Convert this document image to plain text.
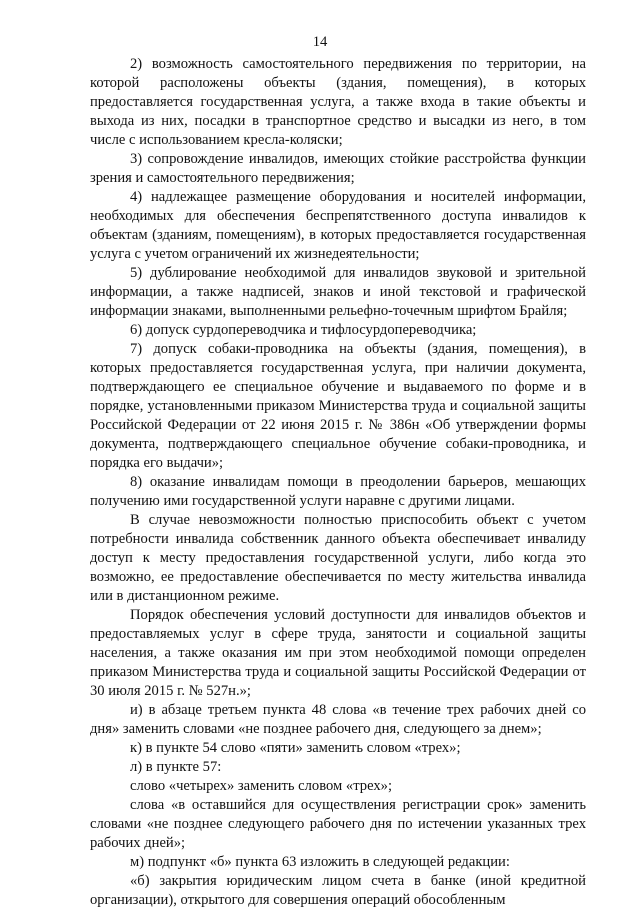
14

2) возможность самостоятельного передвижения по территории, на которой расположены объекты (здания, помещения), в которых предоставляется государственная услуга, а также входа в такие объекты и выхода из них, посадки в транспортное средство и высадки из него, в том числе с использованием кресла-коляски;

3) сопровождение инвалидов, имеющих стойкие расстройства функции зрения и самостоятельного передвижения;

4) надлежащее размещение оборудования и носителей информации, необходимых для обеспечения беспрепятственного доступа инвалидов к объектам (зданиям, помещениям), в которых предоставляется государственная услуга с учетом ограничений их жизнедеятельности;

5) дублирование необходимой для инвалидов звуковой и зрительной информации, а также надписей, знаков и иной текстовой и графической информации знаками, выполненными рельефно-точечным шрифтом Брайля;

6) допуск сурдопереводчика и тифлосурдопереводчика;

7) допуск собаки-проводника на объекты (здания, помещения), в которых предоставляется государственная услуга, при наличии документа, подтверждающего ее специальное обучение и выдаваемого по форме и в порядке, установленными приказом Министерства труда и социальной защиты Российской Федерации от 22 июня 2015 г. № 386н «Об утверждении формы документа, подтверждающего специальное обучение собаки-проводника, и порядка его выдачи»;

8) оказание инвалидам помощи в преодолении барьеров, мешающих получению ими государственной услуги наравне с другими лицами.

В случае невозможности полностью приспособить объект с учетом потребности инвалида собственник данного объекта обеспечивает инвалиду доступ к месту предоставления государственной услуги, либо когда это возможно, ее предоставление обеспечивается по месту жительства инвалида или в дистанционном режиме.

Порядок обеспечения условий доступности для инвалидов объектов и предоставляемых услуг в сфере труда, занятости и социальной защиты населения, а также оказания им при этом необходимой помощи определен приказом Министерства труда и социальной защиты Российской Федерации от 30 июля 2015 г. № 527н.»;

и) в абзаце третьем пункта 48 слова «в течение трех рабочих дней со дня» заменить словами «не позднее рабочего дня, следующего за днем»;

к) в пункте 54 слово «пяти» заменить словом «трех»;

л) в пункте 57:

слово «четырех» заменить словом «трех»;

слова «в оставшийся для осуществления регистрации срок» заменить словами «не позднее следующего рабочего дня по истечении указанных трех рабочих дней»;

м) подпункт «б» пункта 63 изложить в следующей редакции:

«б) закрытия юридическим лицом счета в банке (иной кредитной организации), открытого для совершения операций обособленным
